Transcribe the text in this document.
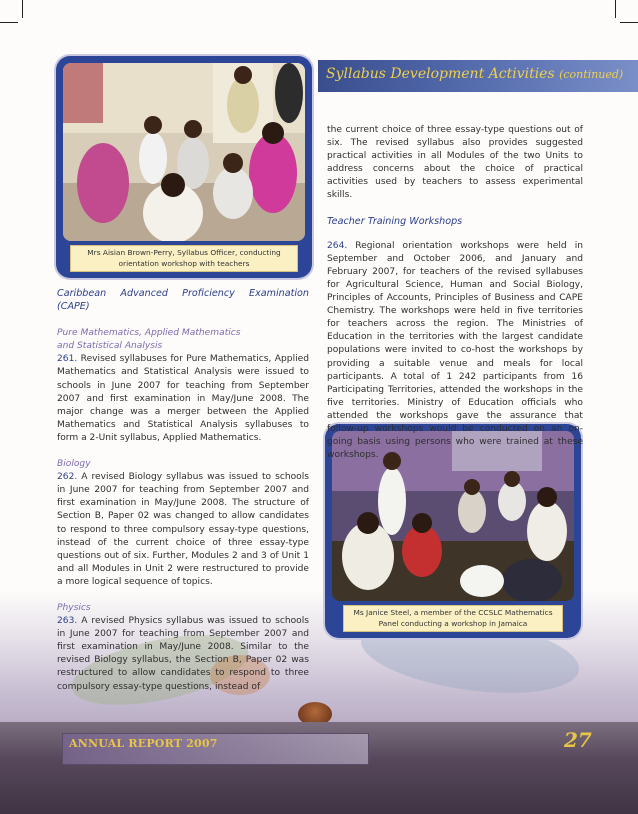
ANNUAL REPORT 2007	27
Syllabus Development Activities (continued)
Mrs Aisian Brown-Perry, Syllabus Officer, conducting orientation workshop with teachers
Ms Janice Steel, a member of the CCSLC Mathematics Panel conducting a workshop in Jamaica

Caribbean Advanced Proficiency Examination (CAPE)

Pure Mathematics, Applied Mathematics
and Statistical Analysis

261. Revised syllabuses for Pure Mathematics, Applied Mathematics and Statistical Analysis were issued to schools in June 2007 for teaching from September 2007 and first examination in May/June 2008. The major change was a merger between the Applied Mathematics and Statistical Analysis syllabuses to form a 2-Unit syllabus, Applied Mathematics.

Biology

262. A revised Biology syllabus was issued to schools in June 2007 for teaching from September 2007 and first examination in May/June 2008. The structure of Section B, Paper 02 was changed to allow candidates to respond to three compulsory essay-type questions, instead of the current choice of three essay-type questions out of six. Further, Modules 2 and 3 of Unit 1 and all Modules in Unit 2 were restructured to provide a more logical sequence of topics.

Physics

263. A revised Physics syllabus was issued to schools in June 2007 for teaching from September 2007 and first examination in May/June 2008. Similar to the revised Biology syllabus, the Section B, Paper 02 was restructured to allow candidates to respond to three compulsory essay-type questions, instead of

the current choice of three essay-type questions out of six. The revised syllabus also provides suggested practical activities in all Modules of the two Units to address concerns about the choice of practical activities used by teachers to assess experimental skills.

Teacher Training Workshops

264. Regional orientation workshops were held in September and October 2006, and January and February 2007, for teachers of the revised syllabuses for Agricultural Science, Human and Social Biology, Principles of Accounts, Principles of Business and CAPE Chemistry. The workshops were held in five territories for teachers across the region. The Ministries of Education in the territories with the largest candidate populations were invited to co-host the workshops by providing a suitable venue and meals for local participants. A total of 1 242 participants from 16 Participating Territories, attended the workshops in the five territories. Ministry of Education officials who attended the workshops gave the assurance that follow-up workshops would be conducted on an on-going basis using persons who were trained at these workshops.
